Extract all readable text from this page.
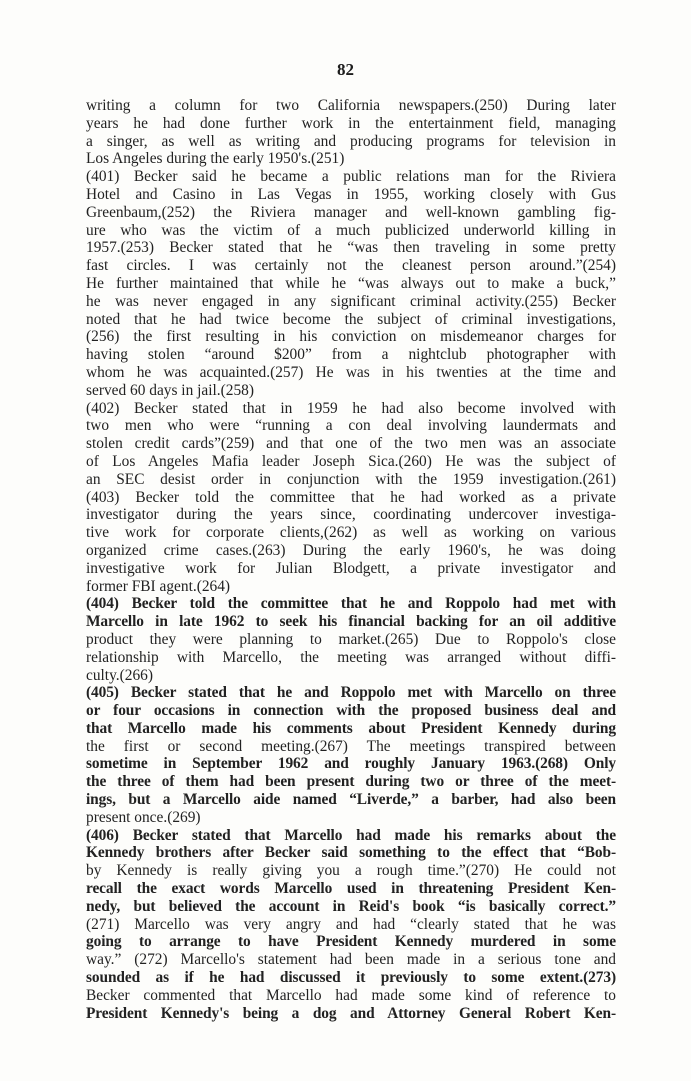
82
writing a column for two California newspapers.(250) During later
years he had done further work in the entertainment field, managing
a singer, as well as writing and producing programs for television in
Los Angeles during the early 1950's.(251)
(401) Becker said he became a public relations man for the Riviera
Hotel and Casino in Las Vegas in 1955, working closely with Gus
Greenbaum,(252) the Riviera manager and well-known gambling fig-
ure who was the victim of a much publicized underworld killing in
1957.(253) Becker stated that he “was then traveling in some pretty
fast circles. I was certainly not the cleanest person around.”(254)
He further maintained that while he “was always out to make a buck,”
he was never engaged in any significant criminal activity.(255) Becker
noted that he had twice become the subject of criminal investigations,
(256) the first resulting in his conviction on misdemeanor charges for
having stolen “around $200” from a nightclub photographer with
whom he was acquainted.(257) He was in his twenties at the time and
served 60 days in jail.(258)
(402) Becker stated that in 1959 he had also become involved with
two men who were “running a con deal involving laundermats and
stolen credit cards”(259) and that one of the two men was an associate
of Los Angeles Mafia leader Joseph Sica.(260) He was the subject of
an SEC desist order in conjunction with the 1959 investigation.(261)
(403) Becker told the committee that he had worked as a private
investigator during the years since, coordinating undercover investiga-
tive work for corporate clients,(262) as well as working on various
organized crime cases.(263) During the early 1960's, he was doing
investigative work for Julian Blodgett, a private investigator and
former FBI agent.(264)
(404) Becker told the committee that he and Roppolo had met with
Marcello in late 1962 to seek his financial backing for an oil additive
product they were planning to market.(265) Due to Roppolo's close
relationship with Marcello, the meeting was arranged without diffi-
culty.(266)
(405) Becker stated that he and Roppolo met with Marcello on three
or four occasions in connection with the proposed business deal and
that Marcello made his comments about President Kennedy during
the first or second meeting.(267) The meetings transpired between
sometime in September 1962 and roughly January 1963.(268) Only
the three of them had been present during two or three of the meet-
ings, but a Marcello aide named “Liverde,” a barber, had also been
present once.(269)
(406) Becker stated that Marcello had made his remarks about the
Kennedy brothers after Becker said something to the effect that “Bob-
by Kennedy is really giving you a rough time.”(270) He could not
recall the exact words Marcello used in threatening President Ken-
nedy, but believed the account in Reid's book “is basically correct.”
(271) Marcello was very angry and had “clearly stated that he was
going to arrange to have President Kennedy murdered in some
way.” (272) Marcello's statement had been made in a serious tone and
sounded as if he had discussed it previously to some extent.(273)
Becker commented that Marcello had made some kind of reference to
President Kennedy's being a dog and Attorney General Robert Ken-
